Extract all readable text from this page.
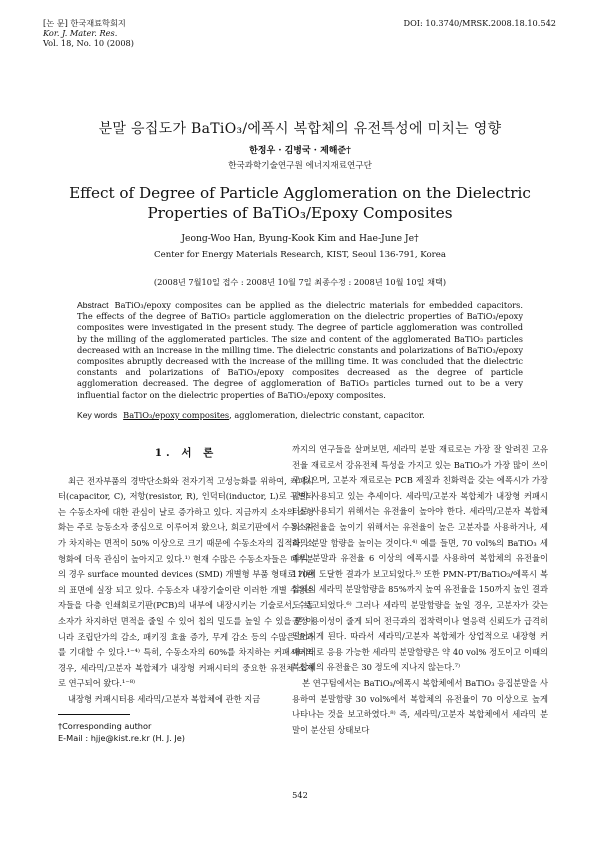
[논 문] 한국재료학회지
Kor. J. Mater. Res.
Vol. 18, No. 10 (2008)
DOI: 10.3740/MRSK.2008.18.10.542
분말 응집도가 BaTiO₃/에폭시 복합체의 유전특성에 미치는 영향
한정우 · 김병국 · 제해준†
한국과학기술연구원 에너지재료연구단
Effect of Degree of Particle Agglomeration on the Dielectric
Properties of BaTiO₃/Epoxy Composites
Jeong-Woo Han, Byung-Kook Kim and Hae-June Je†
Center for Energy Materials Research, KIST, Seoul 136-791, Korea
(2008년 7월10일 접수 : 2008년 10월 7일 최종수정 : 2008년 10월 10일 채택)
Abstract BaTiO₃/epoxy composites can be applied as the dielectric materials for embedded capacitors. The effects of the degree of BaTiO₃ particle agglomeration on the dielectric properties of BaTiO₃/epoxy composites were investigated in the present study. The degree of particle agglomeration was controlled by the milling of the agglomerated particles. The size and content of the agglomerated BaTiO₃ particles decreased with an increase in the milling time. The dielectric constants and polarizations of BaTiO₃/epoxy composites abruptly decreased with the increase of the milling time. It was concluded that the dielectric constants and polarizations of BaTiO₃/epoxy composites decreased as the degree of particle agglomeration decreased. The degree of agglomeration of BaTiO₃ particles turned out to be a very influential factor on the dielectric properties of BaTiO₃/epoxy composites.
Key words BaTiO₃/epoxy composites, agglomeration, dielectric constant, capacitor.
1. 서 론

최근 전자부품의 경박단소화와 전자기적 고성능화를 위하여, 커패시터(capacitor, C), 저항(resistor, R), 인덕터(inductor, L)로 구별되는 수동소자에 대한 관심이 날로 증가하고 있다. 지금까지 소자의 소형화는 주로 능동소자 중심으로 이루어져 왔으나, 회로기판에서 수동소자가 차지하는 면적이 50% 이상으로 크기 때문에 수동소자의 집적화, 소형화에 더욱 관심이 높아지고 있다.¹⁾ 현재 수많은 수동소자들은 대부분의 경우 surface mounted devices (SMD) 개별형 부품 형태로 기판의 표면에 실장 되고 있다. 수동소자 내장기술이란 이러한 개별 수동소자들을 다층 인쇄회로기판(PCB)의 내부에 내장시키는 기술로서, 수동소자가 차지하던 면적을 줄일 수 있어 칩의 밀도를 높일 수 있을 뿐 아니라 조립단가의 감소, 패키징 효율 증가, 무게 감소 등의 수많은 효과를 기대할 수 있다.¹⁻⁴⁾ 특히, 수동소자의 60%를 차지하는 커패시터의 경우, 세라믹/고분자 복합체가 내장형 커패시터의 중요한 유전체 소재로 연구되어 왔다.¹⁻⁸⁾

내장형 커패시터용 세라믹/고분자 복합체에 관한 지금

까지의 연구들을 살펴보면, 세라믹 분말 재료로는 가장 잘 알려진 고유전율 재료로서 강유전체 특성을 가지고 있는 BaTiO₃가 가장 많이 쓰이고 있으며, 고분자 재료로는 PCB 제질과 친화력을 갖는 에폭시가 가장 많이 사용되고 있는 추세이다. 세라믹/고분자 복합체가 내장형 커패시터로 사용되기 위해서는 유전율이 높아야 한다. 세라믹/고분자 복합체의 유전율을 높이기 위해서는 유전율이 높은 고분자를 사용하거나, 세라믹 분말 함량을 높이는 것이다.⁴⁾ 예를 들면, 70 vol%의 BaTiO₃ 세라믹 분말과 유전율 6 이상의 에폭시를 사용하여 복합체의 유전율이 110에 도달한 결과가 보고되었다.⁵⁾ 또한 PMN-PT/BaTiO₃/에폭시 복합체의 세라믹 분말함량을 85%까지 높여 유전율을 150까지 높인 결과도 보고되었다.⁶⁾ 그러나 세라믹 분말함량을 높일 경우, 고분자가 갖는 공정 용이성이 줄게 되어 전극과의 접착력이나 열응력 신뢰도가 급격히 떨어지게 된다. 따라서 세라믹/고분자 복합체가 상업적으로 내장형 커패시터로 응용 가능한 세라믹 분말함량은 약 40 vol% 정도이고 이때의 복합체의 유전율은 30 정도에 지나지 않는다.⁷⁾

본 연구팀에서는 BaTiO₃/에폭시 복합체에서 BaTiO₃ 응집분말을 사용하여 분말함량 30 vol%에서 복합체의 유전율이 70 이상으로 높게 나타나는 것을 보고하였다.⁸⁾ 즉, 세라믹/고분자 복합체에서 세라믹 분말이 분산된 상태보다

†Corresponding author
E-Mail : hjje@kist.re.kr (H. J. Je)
542
